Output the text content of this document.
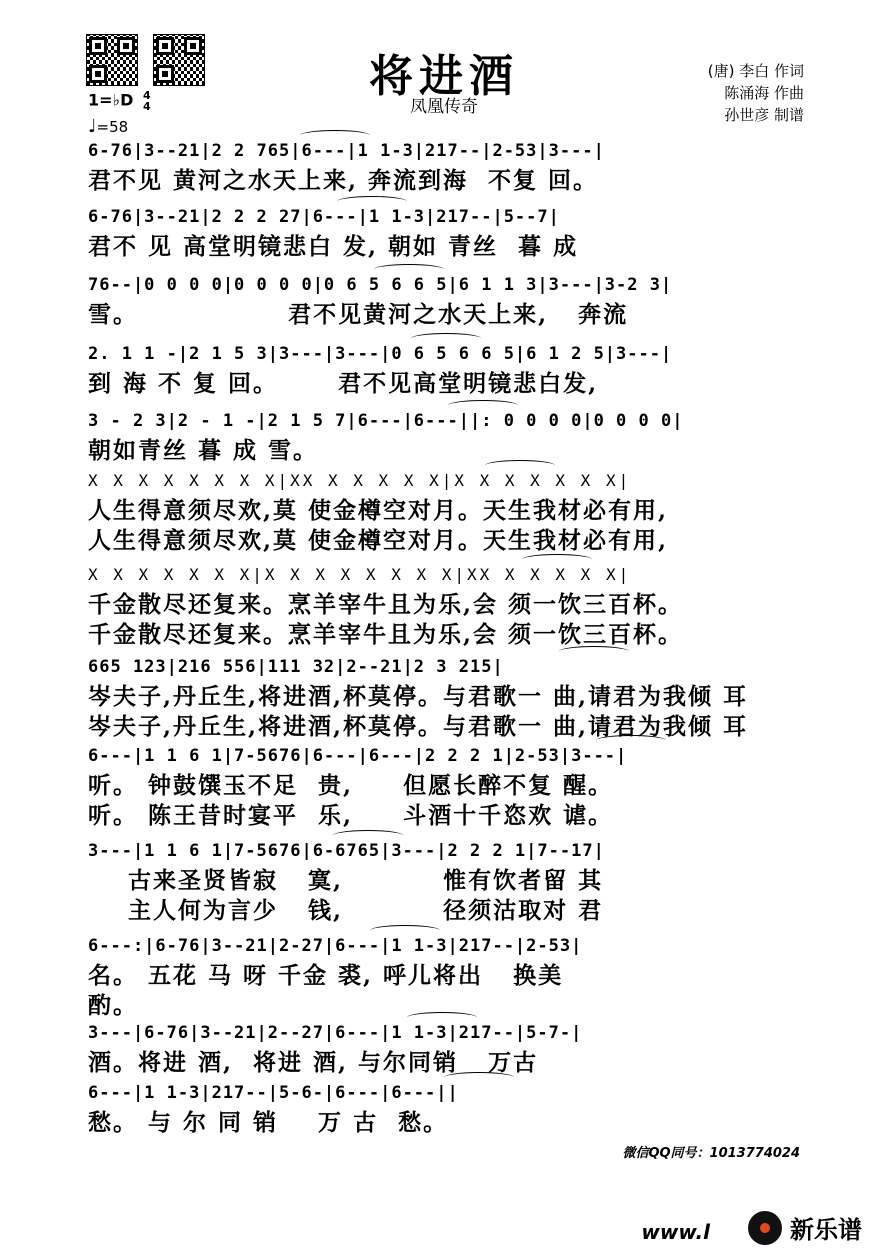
将进酒
凤凰传奇
(唐) 李白 作词
陈涌海 作曲
孙世彦 制谱
1=♭D 4
4
♩=58
6-76|3--21|2 2 765|6---|1 1-3|217--|2-53|3---|
君不见 黄河之水天上来, 奔流到海  不复 回。
6-76|3--21|2 2 2 27|6---|1 1-3|217--|5--7|
君不 见 高堂明镜悲白 发, 朝如 青丝  暮 成
76--|0 0 0 0|0 0 0 0|0 6 5 6 6 5|6 1 1 3|3---|3-2 3|
雪。               君不见黄河之水天上来,   奔流
2. 1 1 -|2 1 5 3|3---|3---|0 6 5 6 6 5|6 1 2 5|3---|
到 海 不 复 回。      君不见高堂明镜悲白发,
3 - 2 3|2 - 1 -|2 1 5 7|6---|6---||: 0 0 0 0|0 0 0 0|
朝如青丝 暮 成 雪。
X X X X X X X X|XX X X X X X|X X X X X X X|
人生得意须尽欢,莫 使金樽空对月。天生我材必有用,
人生得意须尽欢,莫 使金樽空对月。天生我材必有用,
X X X X X X X|X X X X X X X X|XX X X X X X|
千金散尽还复来。烹羊宰牛且为乐,会 须一饮三百杯。
千金散尽还复来。烹羊宰牛且为乐,会 须一饮三百杯。
665 123|216 556|111 32|2--21|2 3 215|
岑夫子,丹丘生,将进酒,杯莫停。与君歌一 曲,请君为我倾 耳
岑夫子,丹丘生,将进酒,杯莫停。与君歌一 曲,请君为我倾 耳
6---|1 1 6 1|7-5676|6---|6---|2 2 2 1|2-53|3---|
听。 钟鼓馔玉不足  贵,     但愿长醉不复 醒。
听。 陈王昔时宴平  乐,     斗酒十千恣欢 谑。
3---|1 1 6 1|7-5676|6-6765|3---|2 2 2 1|7--17|
古来圣贤皆寂   寞,          惟有饮者留 其
主人何为言少   钱,          径须沽取对 君
6---:|6-76|3--21|2-27|6---|1 1-3|217--|2-53|
名。 五花 马 呀 千金 裘, 呼儿将出   换美
酌。
3---|6-76|3--21|2--27|6---|1 1-3|217--|5-7-|
酒。将进 酒,  将进 酒, 与尔同销   万古
6---|1 1-3|217--|5-6-|6---|6---||
愁。 与 尔 同 销    万 古  愁。
微信QQ同号：1013774024
www.l	新乐谱
